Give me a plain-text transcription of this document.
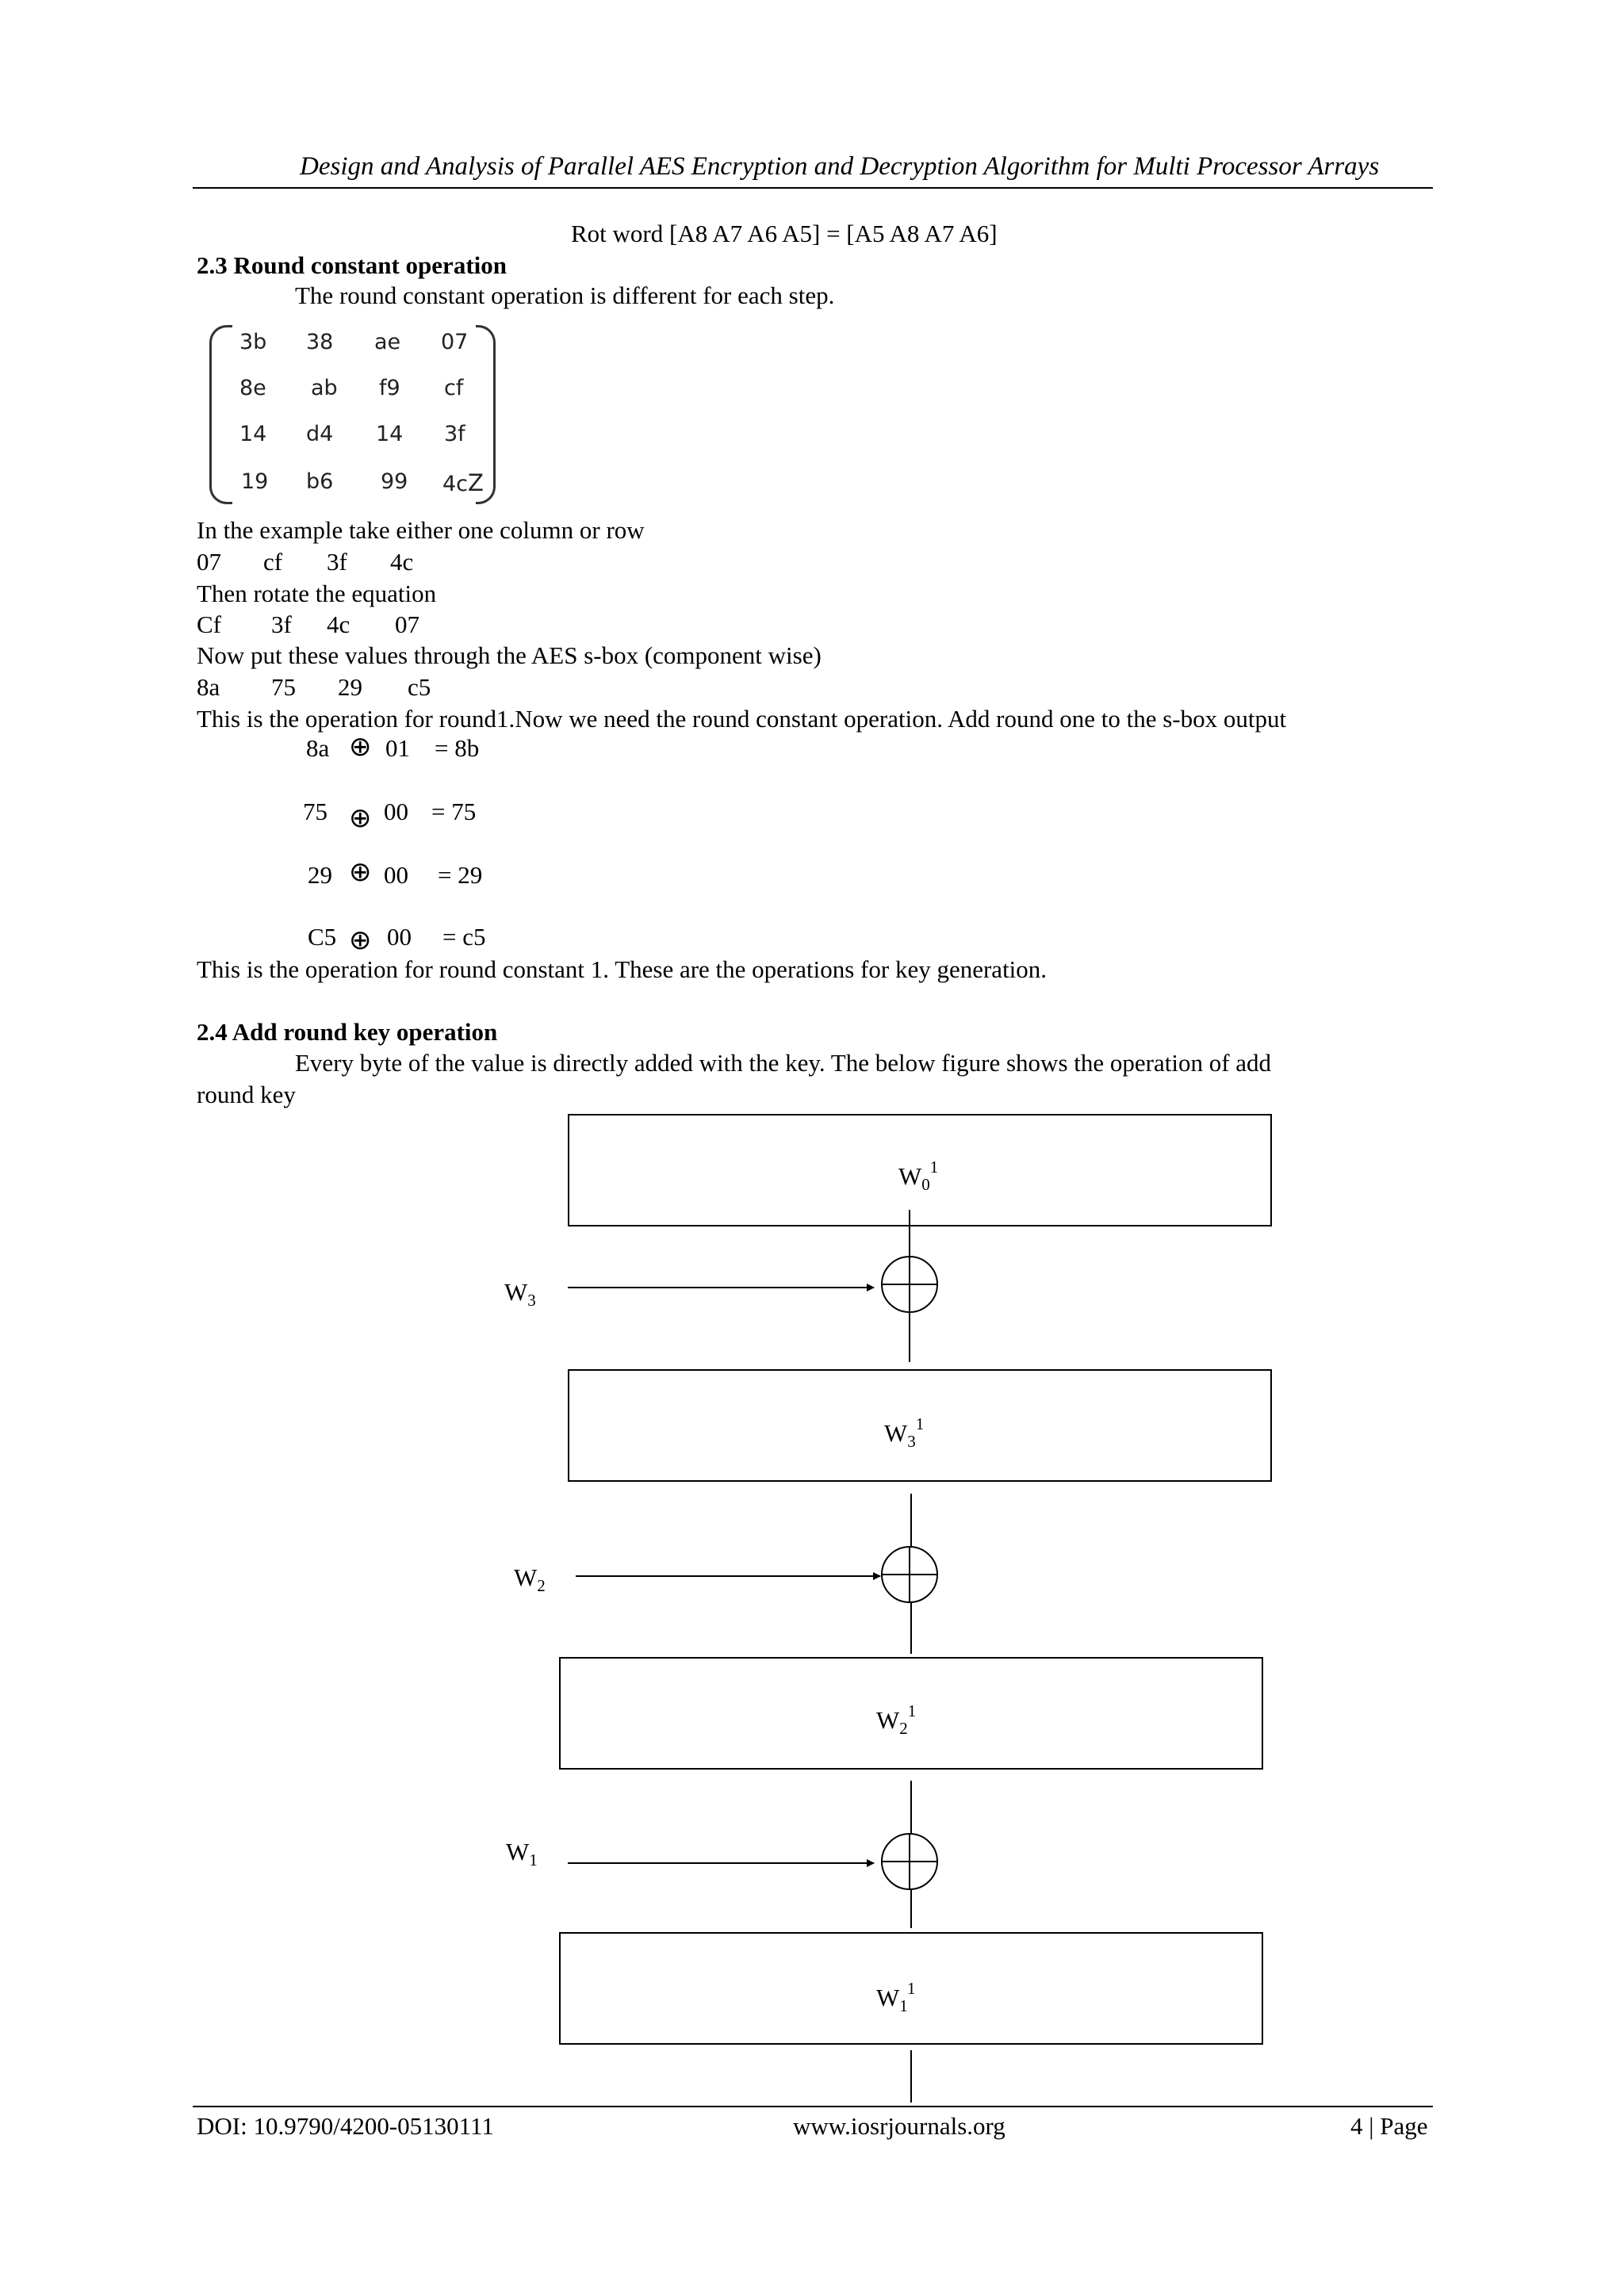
Design and Analysis of Parallel AES Encryption and Decryption Algorithm for Multi Processor Arrays
Rot word [A8 A7 A6 A5] = [A5 A8 A7 A6]
2.3 Round constant operation
The round constant operation is different for each step.
3b 38 ae 07
8e ab f9 cf
14 d4 14 3f
19 b6 99 4cZ
In the example take either one column or row
07 cf 3f 4c
Then rotate the equation
Cf 3f 4c 07
Now put these values through the AES s-box (component wise)
8a 75 29 c5
This is the operation for round1.Now we need the round constant operation. Add round one to the s-box output
8a ⊕ 01 = 8b
75 ⊕ 00 = 75
29 ⊕ 00 = 29
C5 ⊕ 00 = c5
This is the operation for round constant 1. These are the operations for key generation.
2.4 Add round key operation
Every byte of the value is directly added with the key. The below figure shows the operation of add
round key
$W_0^1$
$W_3^1$
$W_2^1$
$W_1^1$
$W_3$
$W_2$
$W_1$
DOI: 10.9790/4200-05130111	www.iosrjournals.org	4 | Page
